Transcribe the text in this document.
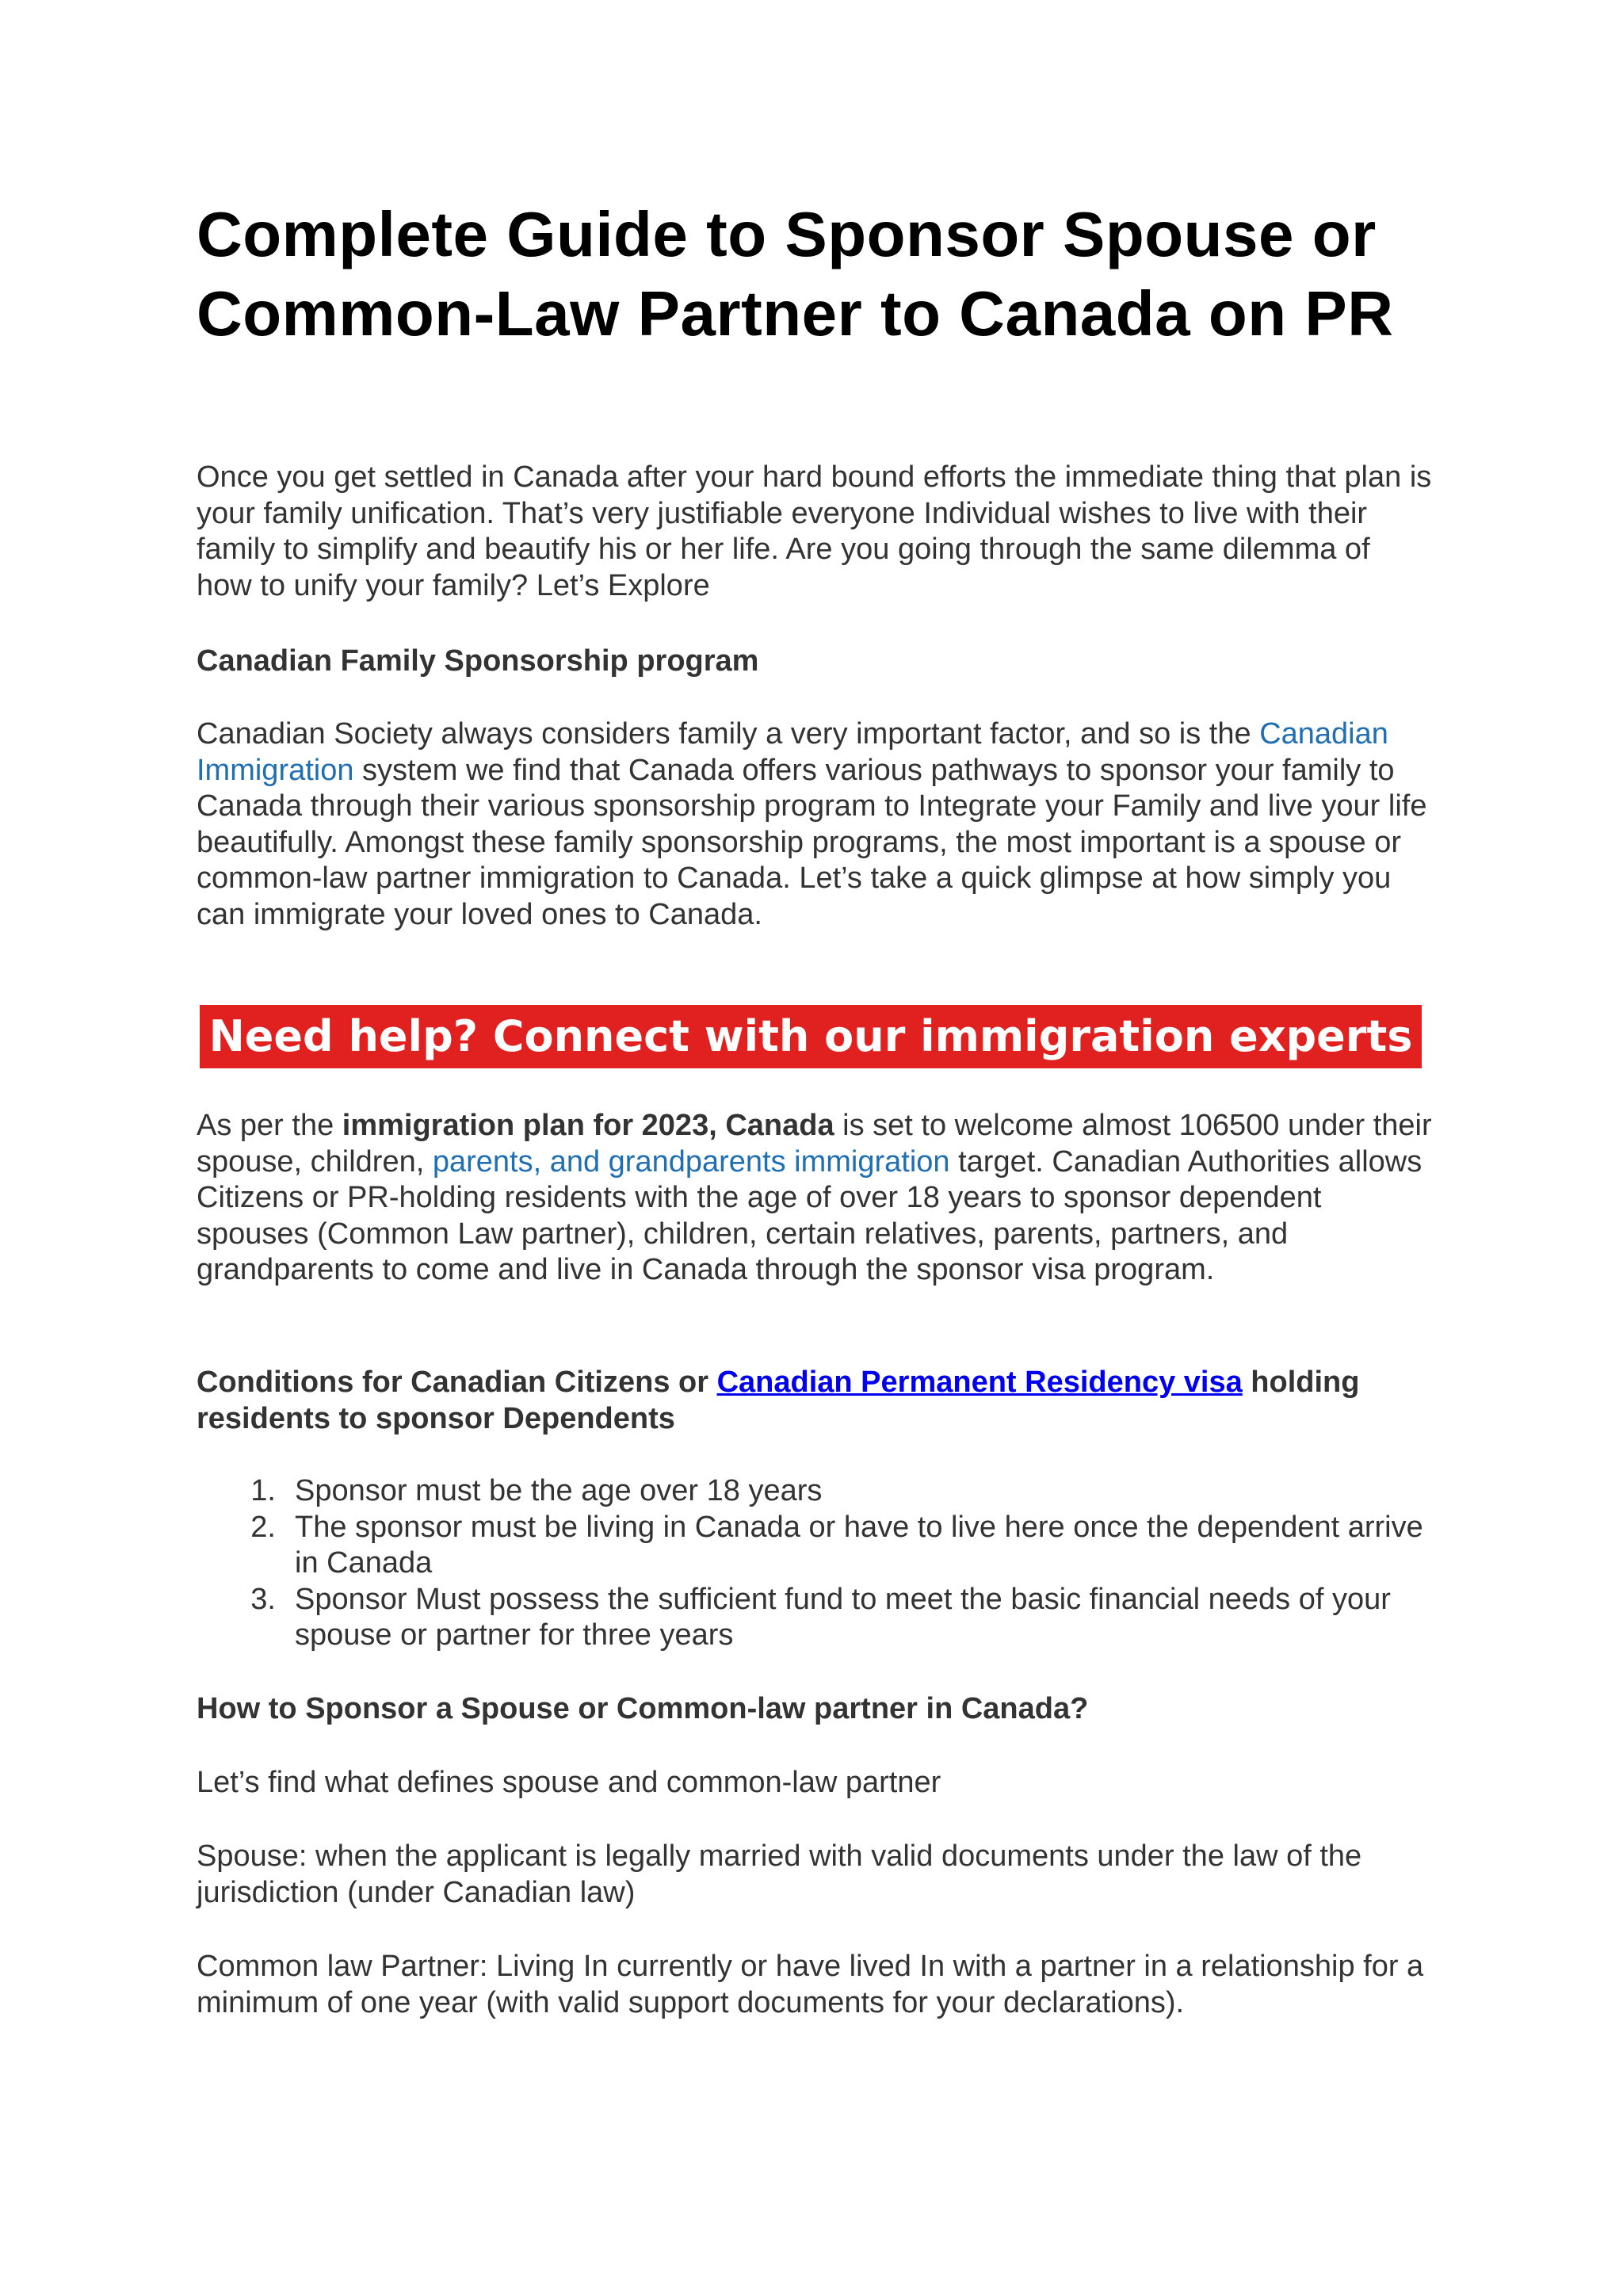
Complete Guide to Sponsor Spouse or Common-Law Partner to Canada on PR

Once you get settled in Canada after your hard bound efforts the immediate thing that plan is your family unification. That’s very justifiable everyone Individual wishes to live with their family to simplify and beautify his or her life. Are you going through the same dilemma of how to unify your family? Let’s Explore

Canadian Family Sponsorship program

Canadian Society always considers family a very important factor, and so is the Canadian Immigration system we find that Canada offers various pathways to sponsor your family to Canada through their various sponsorship program to Integrate your Family and live your life beautifully. Amongst these family sponsorship programs, the most important is a spouse or common-law partner immigration to Canada. Let’s take a quick glimpse at how simply you can immigrate your loved ones to Canada.

Need help? Connect with our immigration experts

As per the immigration plan for 2023, Canada is set to welcome almost 106500 under their spouse, children, parents, and grandparents immigration target. Canadian Authorities allows Citizens or PR-holding residents with the age of over 18 years to sponsor dependent spouses (Common Law partner), children, certain relatives, parents, partners, and grandparents to come and live in Canada through the sponsor visa program.

Conditions for Canadian Citizens or Canadian Permanent Residency visa holding residents to sponsor Dependents

1. Sponsor must be the age over 18 years
2. The sponsor must be living in Canada or have to live here once the dependent arrive in Canada
3. Sponsor Must possess the sufficient fund to meet the basic financial needs of your spouse or partner for three years

How to Sponsor a Spouse or Common-law partner in Canada?

Let’s find what defines spouse and common-law partner

Spouse: when the applicant is legally married with valid documents under the law of the jurisdiction (under Canadian law)

Common law Partner: Living In currently or have lived In with a partner in a relationship for a minimum of one year (with valid support documents for your declarations).
